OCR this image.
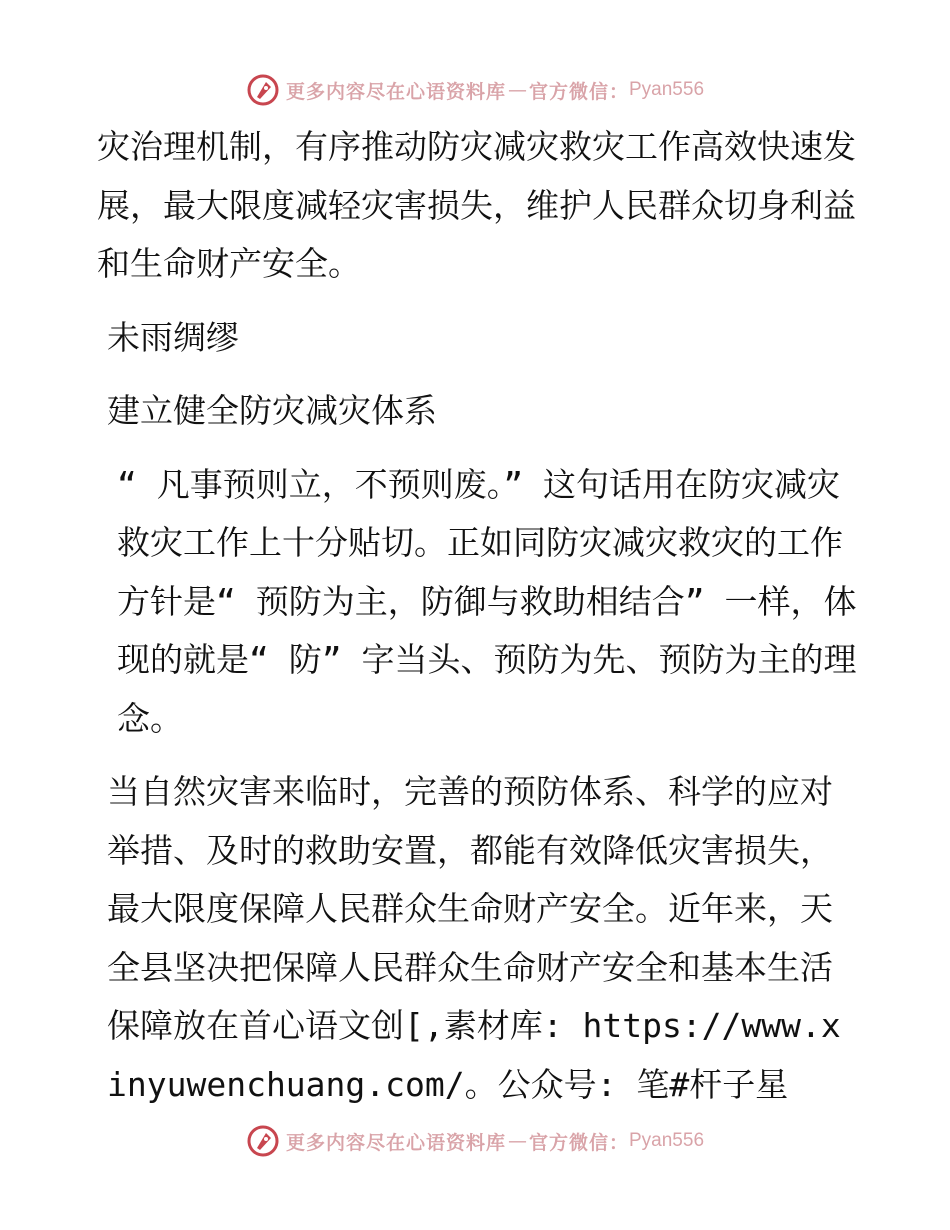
更多内容尽在心语资料库 — 官方微信： Pyan556

灾治理机制，有序推动防灾减灾救灾工作高效快速发展，最大限度减轻灾害损失，维护人民群众切身利益和生命财产安全。

未雨绸缪

建立健全防灾减灾体系

“ 凡事预则立，不预则废。” 这句话用在防灾减灾救灾工作上十分贴切。正如同防灾减灾救灾的工作方针是“ 预防为主，防御与救助相结合” 一样，体现的就是“ 防” 字当头、预防为先、预防为主的理念。

当自然灾害来临时，完善的预防体系、科学的应对举措、及时的救助安置，都能有效降低灾害损失，最大限度保障人民群众生命财产安全。近年来，天全县坚决把保障人民群众生命财产安全和基本生活保障放在首心语文创[,素材库: https://www.xinyuwenchuang.com/。公众号: 笔#杆子星

更多内容尽在心语资料库 — 官方微信： Pyan556
